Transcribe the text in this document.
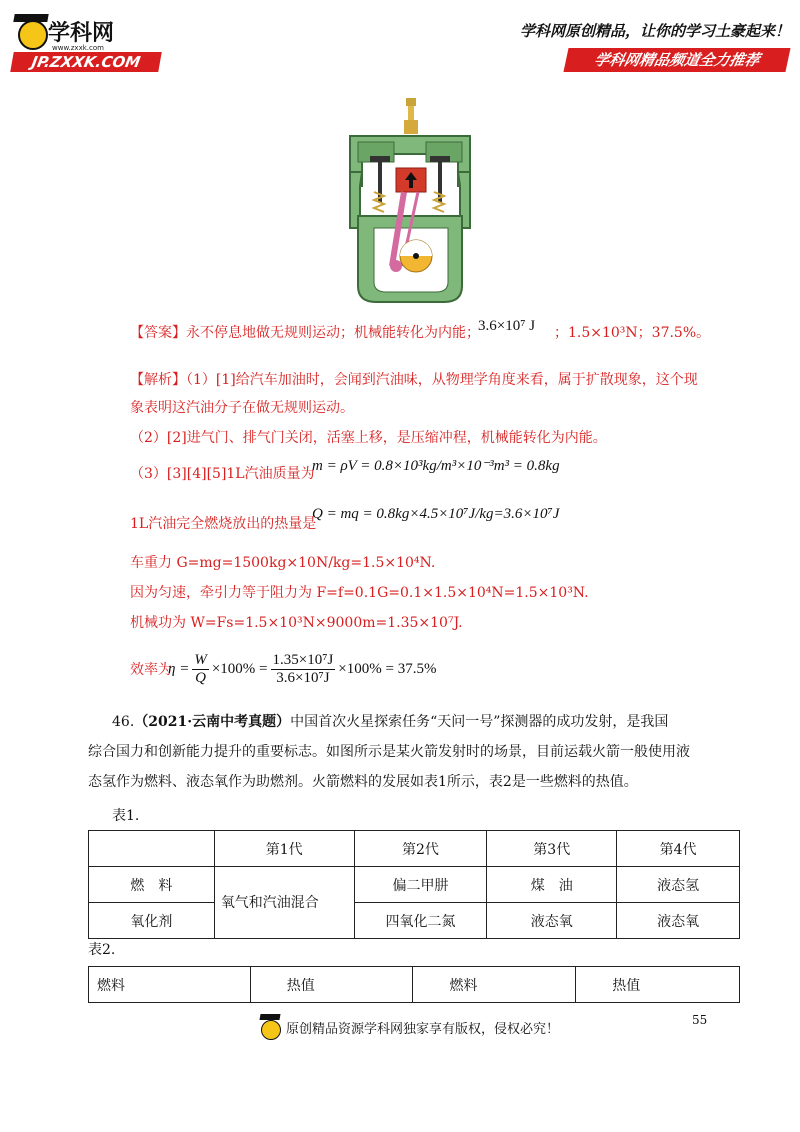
学科网
www.zxxk.com
JP.ZXXK.COM
学科网原创精品，让你的学习土豪起来！
学科网精品频道全力推荐
【答案】永不停息地做无规则运动；机械能转化为内能；
3.6×10⁷ J ；1.5×10³N；37.5%。
【解析】（1）[1]给汽车加油时，会闻到汽油味，从物理学角度来看，属于扩散现象，这个现
象表明这汽油分子在做无规则运动。
（2）[2]进气门、排气门关闭，活塞上移，是压缩冲程，机械能转化为内能。
（3）[3][4][5]1L汽油质量为
m = ρV = 0.8×10³kg/m³×10⁻³m³ = 0.8kg
1L汽油完全燃烧放出的热量是
Q = mq = 0.8kg×4.5×10⁷J/kg=3.6×10⁷J
车重力 G=mg=1500kg×10N/kg=1.5×10⁴N.
因为匀速，牵引力等于阻力为 F=f=0.1G=0.1×1.5×10⁴N=1.5×10³N.
机械功为 W=Fs=1.5×10³N×9000m=1.35×10⁷J.
效率为
$\eta = \frac{W}{Q} \times 100\% = \frac{\text{1.35×10⁷J}}{\text{3.6×10⁷J}} \times 100\% = 37.5\%$
46.（2021·云南中考真题）中国首次火星探索任务“天问一号”探测器的成功发射，是我国
综合国力和创新能力提升的重要标志。如图所示是某火箭发射时的场景，目前运载火箭一般使用液
态氢作为燃料、液态氧作为助燃剂。火箭燃料的发展如表1所示，表2是一些燃料的热值。
表1.
	第1代	第2代	第3代	第4代
燃　料	氧气和汽油混合	偏二甲肼	煤　油	液态氢
氧化剂		四氧化二氮	液态氧	液态氧
表2.
燃料	热值	燃料	热值
55
原创精品资源学科网独家享有版权，侵权必究！
